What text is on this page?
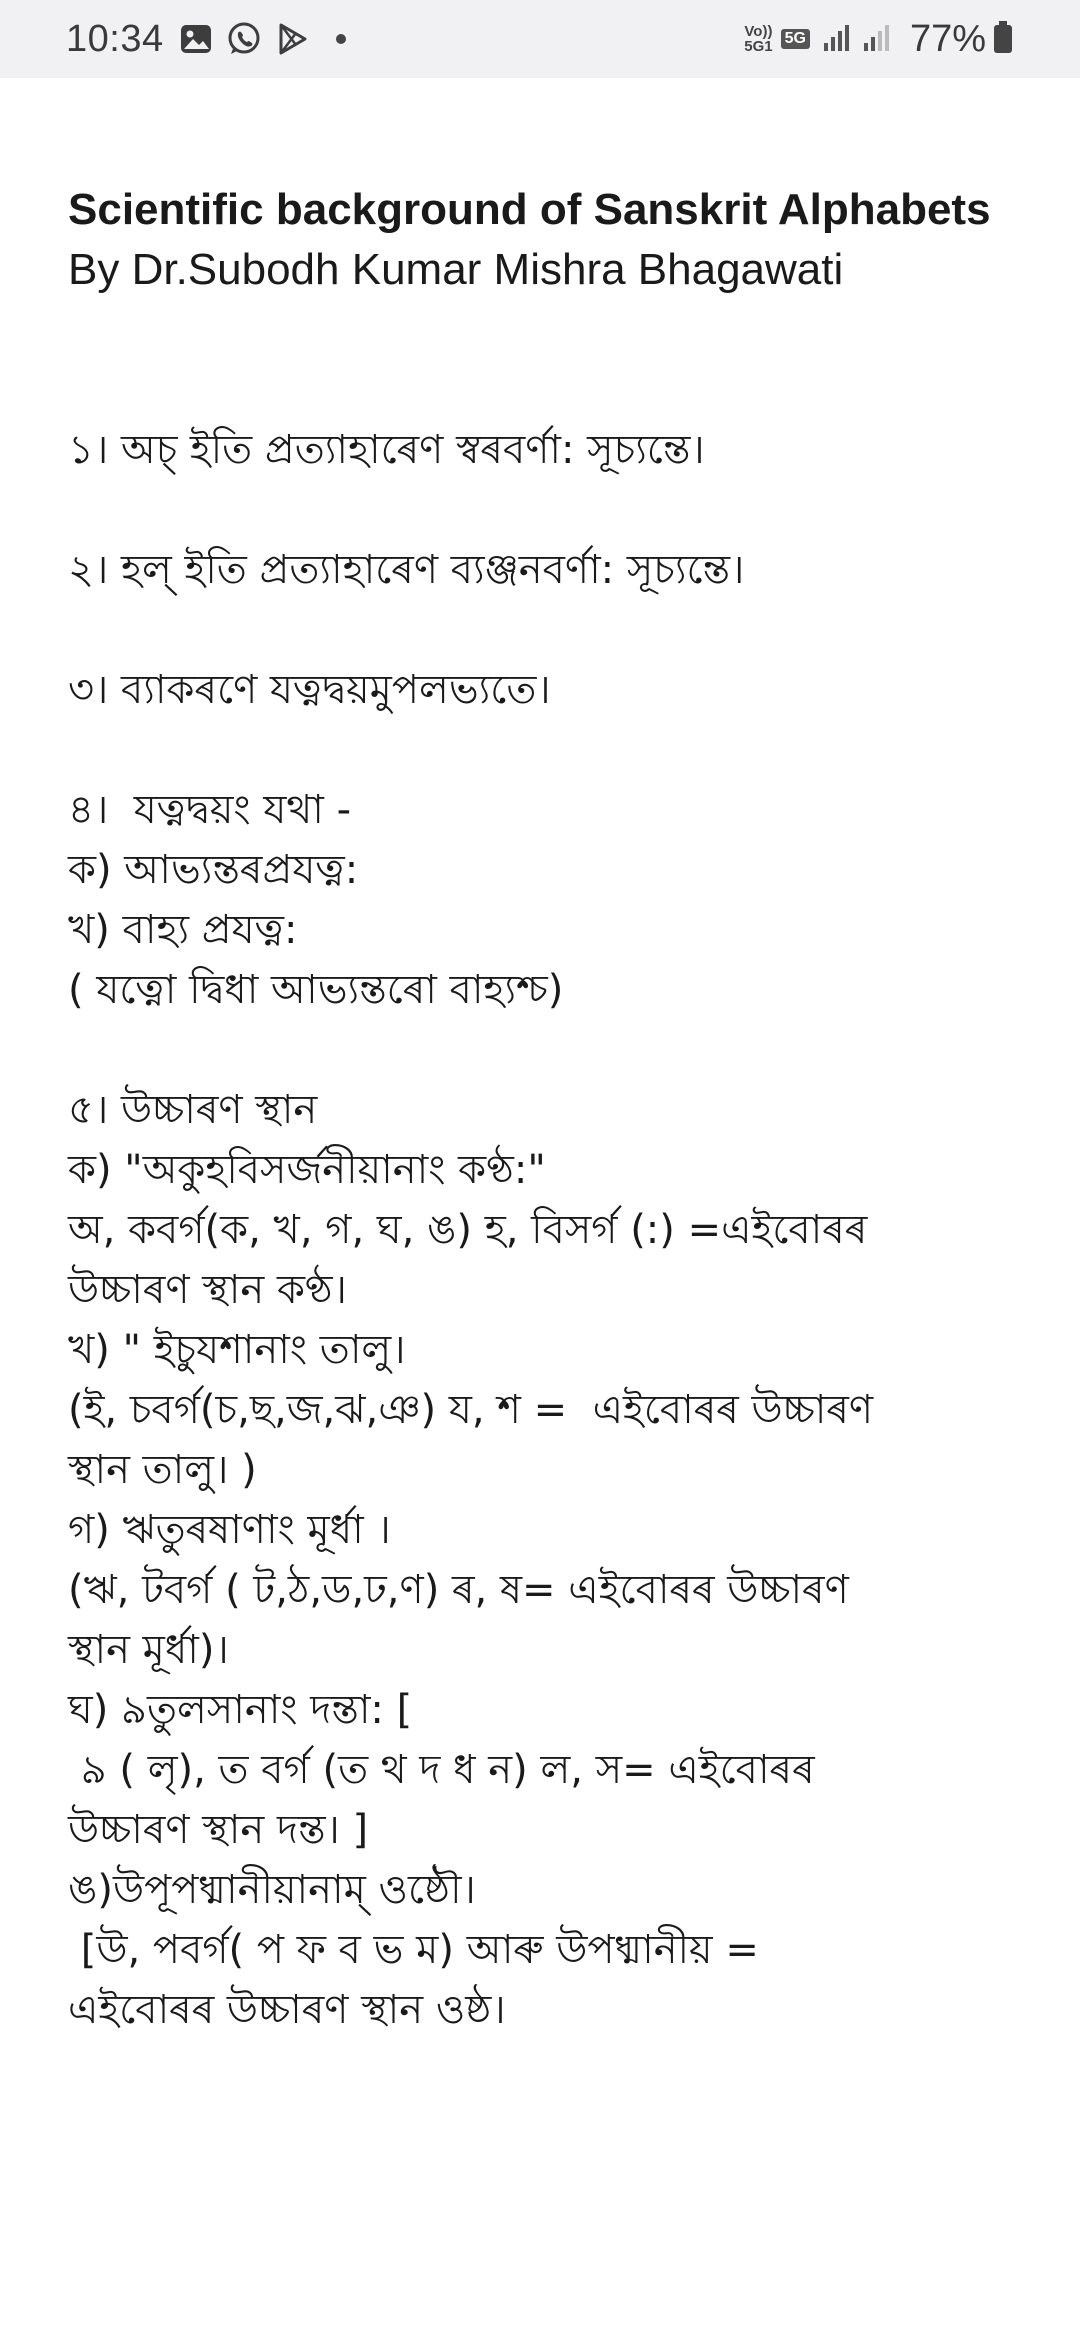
10:34	Vo))
5G1 5G	77%
Scientific background of Sanskrit Alphabets

By Dr.Subodh Kumar Mishra Bhagawati

১। অচ্ ইতি প্ৰত্যাহাৰেণ স্বৰবৰ্ণা: সূচ্যন্তে।
২। হল্ ইতি প্ৰত্যাহাৰেণ ব্যঞ্জনবৰ্ণা: সূচ্যন্তে।
৩। ব্যাকৰণে যত্নদ্বয়মুপলভ্যতে।
৪।  যত্নদ্বয়ং যথা -
ক) আভ্যন্তৰপ্ৰযত্ন:
খ) বাহ্য প্ৰযত্ন:
( যত্নো দ্বিধা আভ্যন্তৰো বাহ্যশ্চ)
৫। উচ্চাৰণ স্থান
ক) "অকুহবিসৰ্জনীয়ানাং কণ্ঠ:"
অ, কবৰ্গ(ক, খ, গ, ঘ, ঙ) হ, বিসৰ্গ (:) =এইবোৰৰ
উচ্চাৰণ স্থান কণ্ঠ।
খ) " ইচুযশানাং তালু।
(ই, চবৰ্গ(চ,ছ,জ,ঝ,ঞ) য, শ =  এইবোৰৰ উচ্চাৰণ
স্থান তালু। )
গ) ঋতুৰষাণাং মূৰ্ধা ।
(ঋ, টবৰ্গ ( ট,ঠ,ড,ঢ,ণ) ৰ, ষ= এইবোৰৰ উচ্চাৰণ
স্থান মূৰ্ধা)।
ঘ) ৯তুলসানাং দন্তা: [
৯ ( লৃ), ত বৰ্গ (ত থ দ ধ ন) ল, স= এইবোৰৰ
উচ্চাৰণ স্থান দন্ত। ]
ঙ)উপূপধ্মানীয়ানাম্ ওষ্ঠৌ।
[উ, পবৰ্গ( প ফ ব ভ ম) আৰু উপধ্মানীয় =
এইবোৰৰ উচ্চাৰণ স্থান ওষ্ঠ।
